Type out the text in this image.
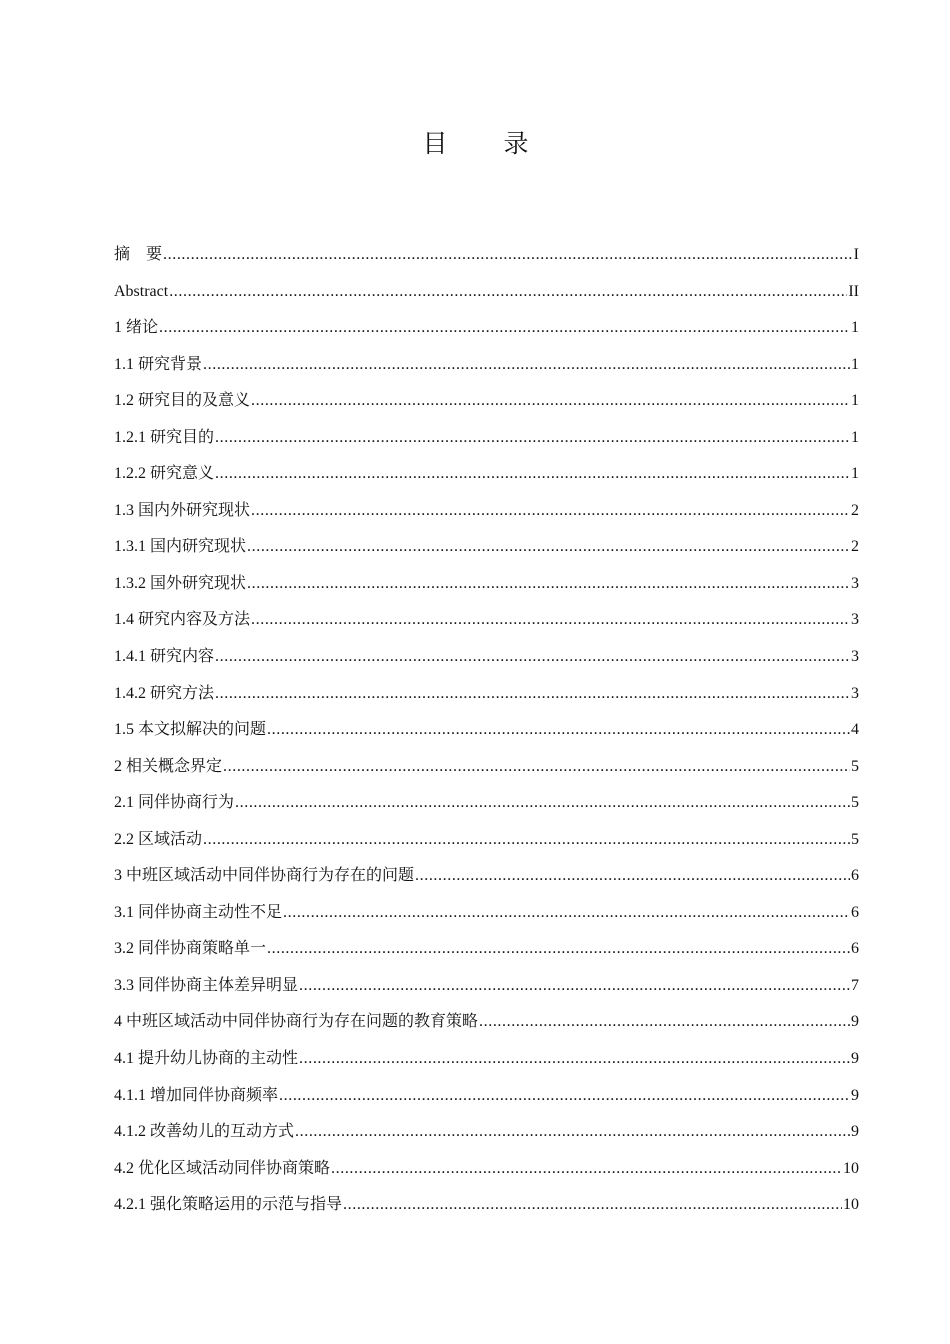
目 录
摘　要 .....	I
Abstract .....	II
1 绪论 .....	1
1.1 研究背景 .....	1
1.2 研究目的及意义 .....	1
1.2.1 研究目的 .....	1
1.2.2 研究意义 .....	1
1.3 国内外研究现状 .....	2
1.3.1 国内研究现状 .....	2
1.3.2 国外研究现状 .....	3
1.4 研究内容及方法 .....	3
1.4.1 研究内容 .....	3
1.4.2 研究方法 .....	3
1.5 本文拟解决的问题 .....	4
2 相关概念界定 .....	5
2.1 同伴协商行为 .....	5
2.2 区域活动 .....	5
3 中班区域活动中同伴协商行为存在的问题 .....	6
3.1 同伴协商主动性不足 .....	6
3.2 同伴协商策略单一 .....	6
3.3 同伴协商主体差异明显 .....	7
4 中班区域活动中同伴协商行为存在问题的教育策略 .....	9
4.1 提升幼儿协商的主动性 .....	9
4.1.1 增加同伴协商频率 .....	9
4.1.2 改善幼儿的互动方式 .....	9
4.2 优化区域活动同伴协商策略 .....	10
4.2.1 强化策略运用的示范与指导 .....	10
